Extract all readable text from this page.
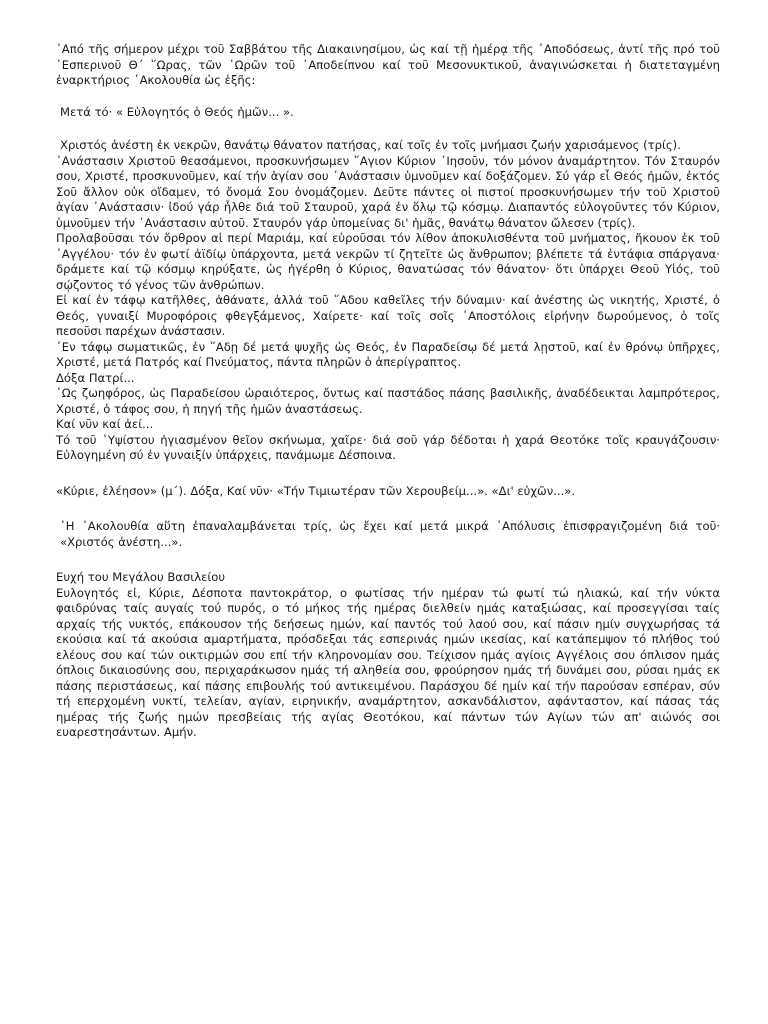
᾿Από τῆς σήμερον μέχρι τοῦ Σαββάτου τῆς Διακαινησίμου, ὡς καί τῇ ἡμέρᾳ τῆς ᾿Αποδόσεως, ἀντί τῆς πρό τοῦ ῾Εσπερινοῦ Θ´ ῞Ωρας, τῶν ῾Ωρῶν τοῦ ᾿Αποδείπνου καί τοῦ Μεσονυκτικοῦ, ἀναγινώσκεται ἡ διατεταγμένη ἐναρκτήριος ᾿Ακολουθία ὡς ἑξῆς:

Μετά τό· « Εὐλογητός ὁ Θεός ἡμῶν... ».

Χριστός ἀνέστη ἐκ νεκρῶν, θανάτῳ θάνατον πατήσας, καί τοῖς ἐν τοῖς μνήμασι ζωήν χαρισάμενος (τρίς).

᾿Ανάστασιν Χριστοῦ θεασάμενοι, προσκυνήσωμεν ῞Αγιον Κύριον ᾿Ιησοῦν, τόν μόνον ἀναμάρτητον. Τόν Σταυρόν σου, Χριστέ, προσκυνοῦμεν, καί τήν ἁγίαν σου ᾿Ανάστασιν ὑμνοῦμεν καί δοξάζομεν. Σύ γάρ εἶ Θεός ἡμῶν, ἐκτός Σοῦ ἄλλον οὐκ οἴδαμεν, τό ὄνομά Σου ὀνομάζομεν. Δεῦτε πάντες οἱ πιστοί προσκυνήσωμεν τήν τοῦ Χριστοῦ ἁγίαν ᾿Ανάστασιν· ἰδού γάρ ἦλθε διά τοῦ Σταυροῦ, χαρά ἐν ὅλῳ τῷ κόσμῳ. Διαπαντός εὐλογοῦντες τόν Κύριον, ὑμνοῦμεν τήν ᾿Ανάστασιν αὐτοῦ. Σταυρόν γάρ ὑπομείνας δι' ἡμᾶς, θανάτῳ θάνατον ὤλεσεν (τρίς).

Προλαβοῦσαι τόν ὄρθρον αἱ περί Μαριάμ, καί εὑροῦσαι τόν λίθον ἀποκυλισθέντα τοῦ μνήματος, ἤκουον ἐκ τοῦ ᾿Αγγέλου· τόν ἐν φωτί ἀϊδίῳ ὑπάρχοντα, μετά νεκρῶν τί ζητεῖτε ὡς ἄνθρωπον; βλέπετε τά ἐντάφια σπάργανα· δράμετε καί τῷ κόσμῳ κηρύξατε, ὡς ἠγέρθη ὁ Κύριος, θανατώσας τόν θάνατον· ὅτι ὑπάρχει Θεοῦ Υἱός, τοῦ σῴζοντος τό γένος τῶν ἀνθρώπων.

Εἰ καί ἐν τάφῳ κατῆλθες, ἀθάνατε, ἀλλά τοῦ ῞Αδου καθεῖλες τήν δύναμιν· καί ἀνέστης ὡς νικητής, Χριστέ, ὁ Θεός, γυναιξί Μυροφόροις φθεγξάμενος, Χαίρετε· καί τοῖς σοῖς ᾿Αποστόλοις εἰρήνην δωρούμενος, ὁ τοῖς πεσοῦσι παρέχων ἀνάστασιν.

᾿Εν τάφῳ σωματικῶς, ἐν ῞Αδῃ δέ μετά ψυχῆς ὡς Θεός, ἐν Παραδείσῳ δέ μετά λῃστοῦ, καί ἐν θρόνῳ ὑπῆρχες, Χριστέ, μετά Πατρός καί Πνεύματος, πάντα πληρῶν ὁ ἀπερίγραπτος.

Δόξα Πατρί...

῾Ως ζωηφόρος, ὡς Παραδείσου ὡραιότερος, ὄντως καί παστάδος πάσης βασιλικῆς, ἀναδέδεικται λαμπρότερος, Χριστέ, ὁ τάφος σου, ἡ πηγή τῆς ἡμῶν ἀναστάσεως.

Καί νῦν καί ἀεί...

Τό τοῦ ῾Υψίστου ἡγιασμένον θεῖον σκήνωμα, χαῖρε· διά σοῦ γάρ δέδοται ἡ χαρά Θεοτόκε τοῖς κραυγάζουσιν· Εὐλογημένη σύ ἐν γυναιξίν ὑπάρχεις, πανάμωμε Δέσποινα.

«Κύριε, ἐλέησον» (μ´). Δόξα, Καί νῦν· «Τήν Τιμιωτέραν τῶν Χερουβείμ...». «Δι' εὐχῶν...».

῾Η ᾿Ακολουθία αὕτη ἐπαναλαμβάνεται τρίς, ὡς ἔχει καί μετά μικρά ᾿Απόλυσις ἐπισφραγιζομένη διά τοῦ· «Χριστός ἀνέστη...».

Ευχή του Μεγάλου Βασιλείου

Ευλογητός εἰ, Κύριε, Δέσποτα παντοκράτορ, ο φωτίσας τήν ημέραν τώ φωτί τώ ηλιακώ, καί τήν νύκτα φαιδρύνας ταίς αυγαίς τού πυρός, ο τό μήκος τής ημέρας διελθείν ημάς καταξιώσας, καί προσεγγίσαι ταίς αρχαίς τής νυκτός, επάκουσον τής δεήσεως ημών, καί παντός τού λαού σου, καί πάσιν ημίν συγχωρήσας τά εκούσια καί τά ακούσια αμαρτήματα, πρόσδεξαι τάς εσπερινάς ημών ικεσίας, καί κατάπεμψον τό πλήθος τού ελέους σου καί τών οικτιρμών σου επί τήν κληρονομίαν σου. Τείχισον ημάς αγίοις Αγγέλοις σου όπλισον ημάς όπλοις δικαιοσύνης σου, περιχαράκωσον ημάς τή αληθεία σου, φρούρησον ημάς τή δυνάμει σου, ρύσαι ημάς εκ πάσης περιστάσεως, καί πάσης επιβουλής τού αντικειμένου. Παράσχου δέ ημίν καί τήν παρούσαν εσπέραν, σύν τή επερχομένη νυκτί, τελείαν, αγίαν, ειρηνικήν, αναμάρτητον, ασκανδάλιστον, αφάνταστον, καί πάσας τάς ημέρας τής ζωής ημών πρεσβείαις τής αγίας Θεοτόκου, καί πάντων τών Αγίων τών απ' αιώνός σοι ευαρεστησάντων. Αμήν.
